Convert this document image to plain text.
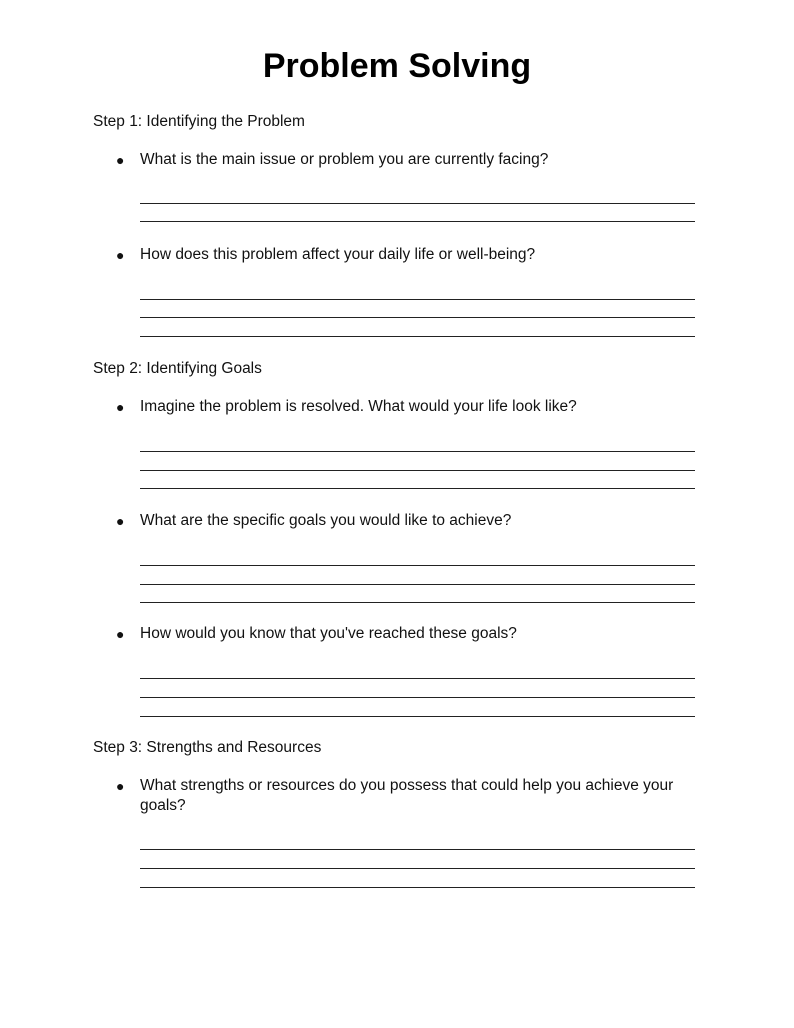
Problem Solving
Step 1: Identifying the Problem
●	What is the main issue or problem you are currently facing?
●	How does this problem affect your daily life or well-being?
Step 2: Identifying Goals
●	Imagine the problem is resolved. What would your life look like?
●	What are the specific goals you would like to achieve?
●	How would you know that you've reached these goals?
Step 3: Strengths and Resources
●	What strengths or resources do you possess that could help you achieve your goals?
